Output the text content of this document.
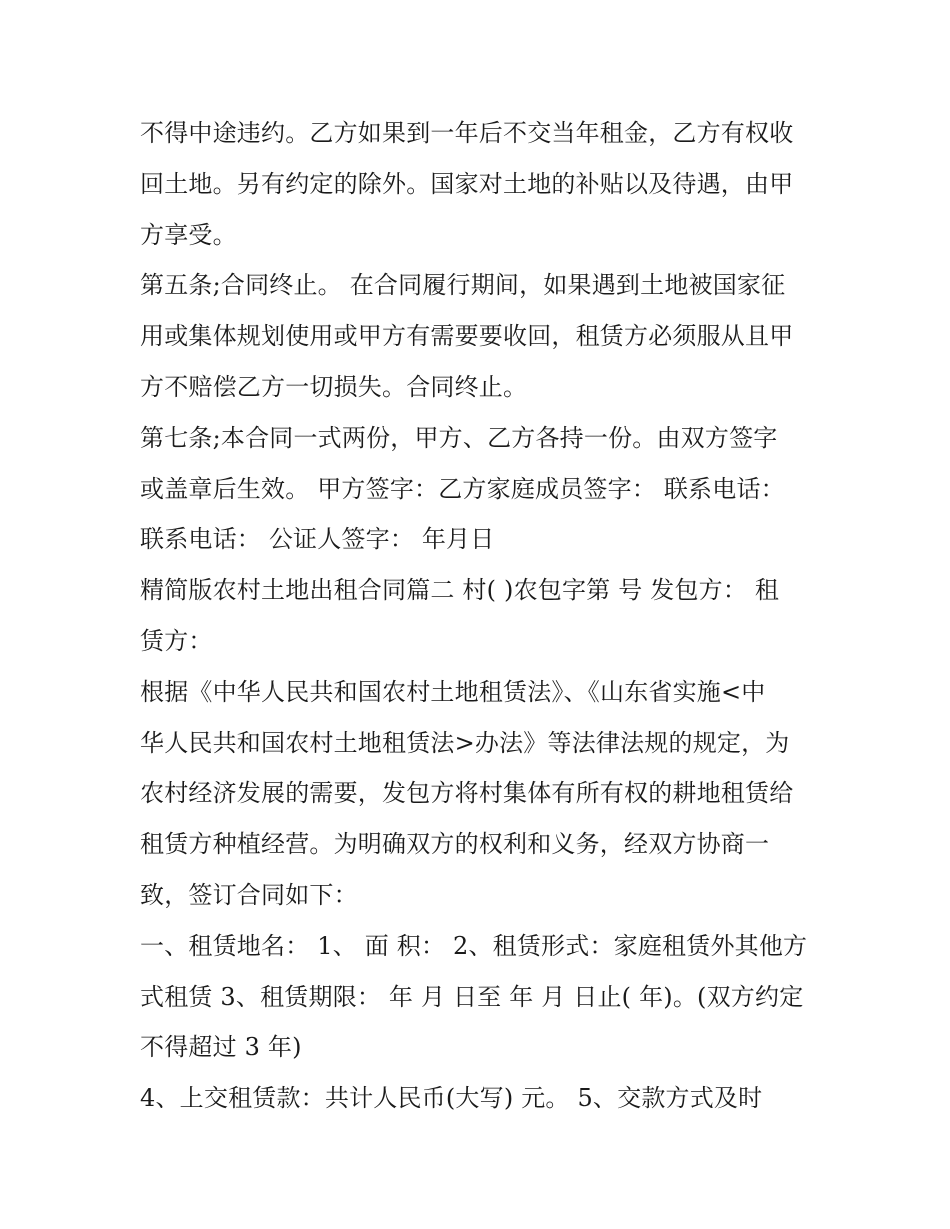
不得中途违约。乙方如果到一年后不交当年租金，乙方有权收
回土地。另有约定的除外。国家对土地的补贴以及待遇，由甲
方享受。
第五条;合同终止。 在合同履行期间，如果遇到土地被国家征
用或集体规划使用或甲方有需要要收回，租赁方必须服从且甲
方不赔偿乙方一切损失。合同终止。
第七条;本合同一式两份，甲方、乙方各持一份。由双方签字
或盖章后生效。 甲方签字：乙方家庭成员签字： 联系电话：
联系电话： 公证人签字： 年月日
精简版农村土地出租合同篇二 村( )农包字第 号 发包方： 租
赁方：
根据《中华人民共和国农村土地租赁法》、《山东省实施<中
华人民共和国农村土地租赁法>办法》等法律法规的规定，为
农村经济发展的需要，发包方将村集体有所有权的耕地租赁给
租赁方种植经营。为明确双方的权利和义务，经双方协商一
致，签订合同如下：
一、租赁地名： 1、 面 积： 2、租赁形式：家庭租赁外其他方
式租赁 3、租赁期限： 年 月 日至 年 月 日止( 年)。(双方约定
不得超过 3 年)
4、上交租赁款：共计人民币(大写) 元。 5、交款方式及时
